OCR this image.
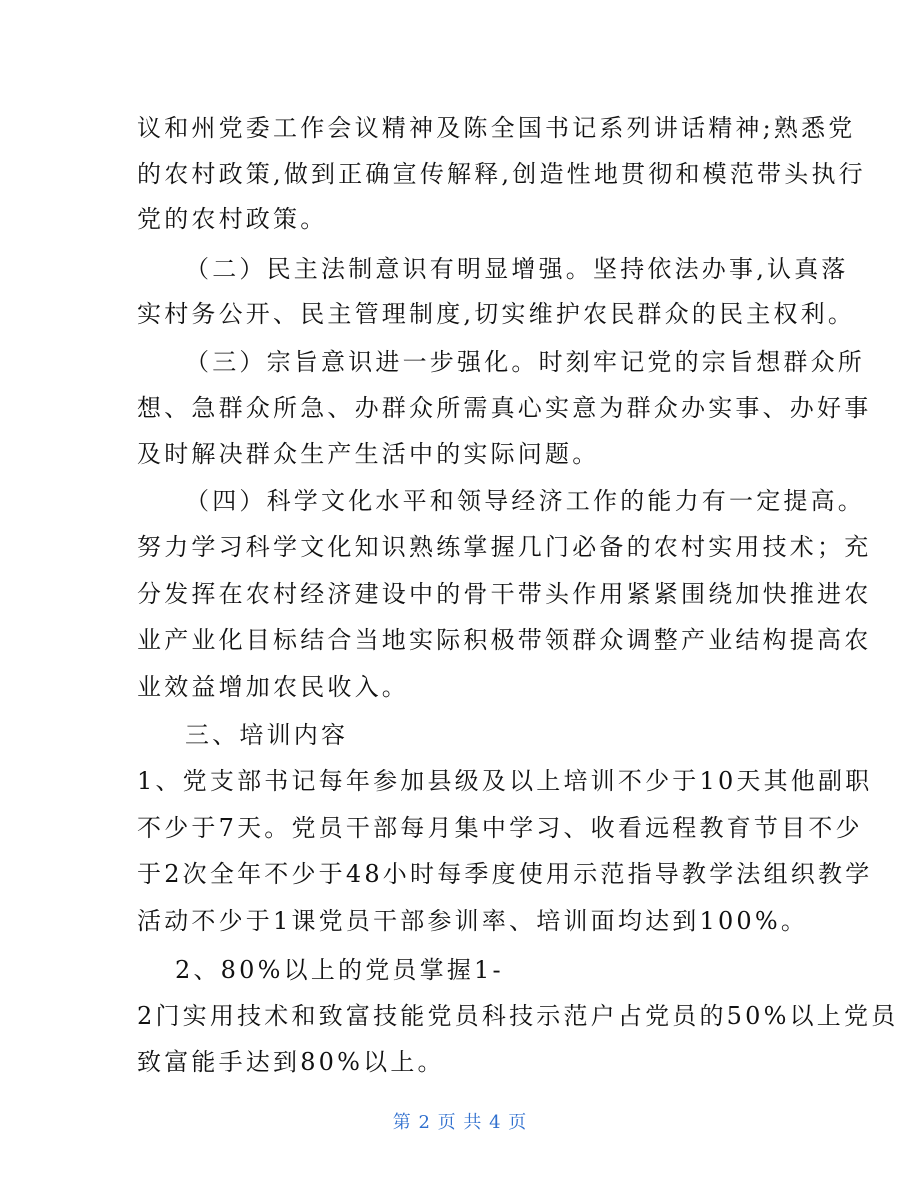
议和州党委工作会议精神及陈全国书记系列讲话精神;熟悉党
的农村政策,做到正确宣传解释,创造性地贯彻和模范带头执行
党的农村政策。
（二）民主法制意识有明显增强。坚持依法办事,认真落
实村务公开、民主管理制度,切实维护农民群众的民主权利。
（三）宗旨意识进一步强化。时刻牢记党的宗旨想群众所
想、急群众所急、办群众所需真心实意为群众办实事、办好事
及时解决群众生产生活中的实际问题。
（四）科学文化水平和领导经济工作的能力有一定提高。
努力学习科学文化知识熟练掌握几门必备的农村实用技术；充
分发挥在农村经济建设中的骨干带头作用紧紧围绕加快推进农
业产业化目标结合当地实际积极带领群众调整产业结构提高农
业效益增加农民收入。
三、培训内容
1、党支部书记每年参加县级及以上培训不少于10天其他副职
不少于7天。党员干部每月集中学习、收看远程教育节目不少
于2次全年不少于48小时每季度使用示范指导教学法组织教学
活动不少于1课党员干部参训率、培训面均达到100%。
2、80%以上的党员掌握1-
2门实用技术和致富技能党员科技示范户占党员的50%以上党员
致富能手达到80%以上。
第 2 页 共 4 页
